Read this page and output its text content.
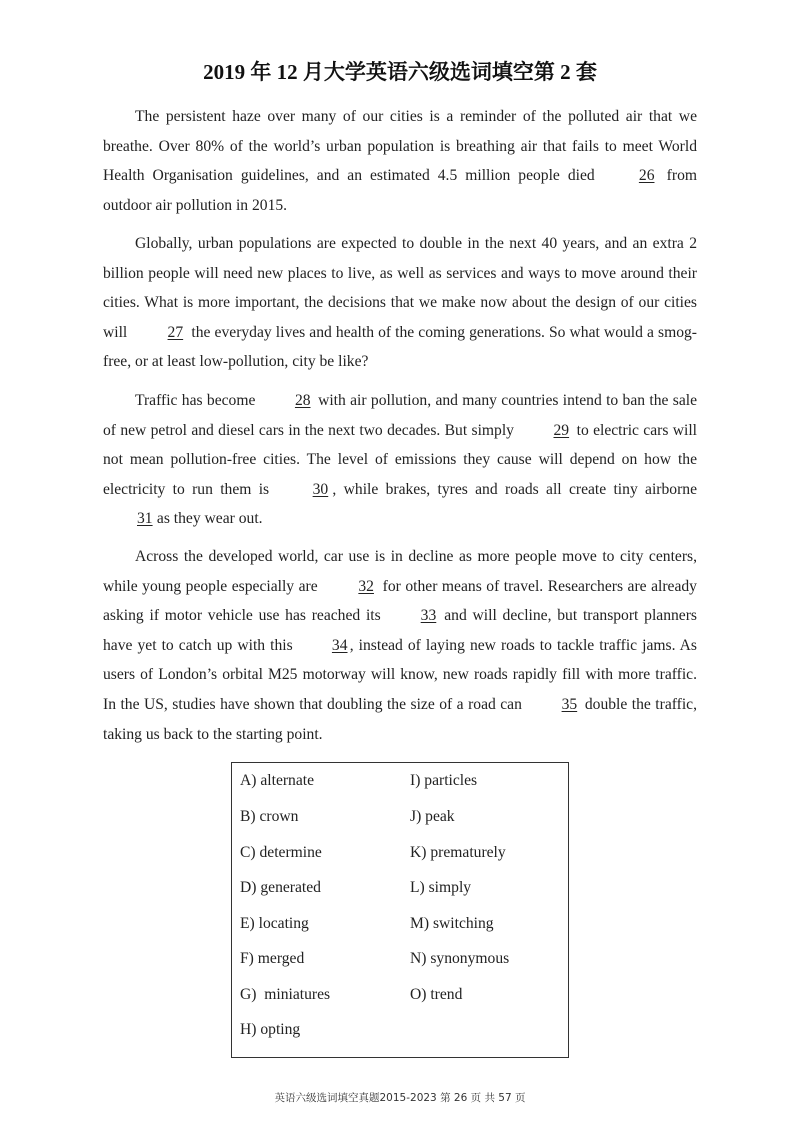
2019 年 12 月大学英语六级选词填空第 2 套

The persistent haze over many of our cities is a reminder of the polluted air that we breathe. Over 80% of the world’s urban population is breathing air that fails to meet World Health Organisation guidelines, and an estimated 4.5 million people died 26 from outdoor air pollution in 2015.

Globally, urban populations are expected to double in the next 40 years, and an extra 2 billion people will need new places to live, as well as services and ways to move around their cities. What is more important, the decisions that we make now about the design of our cities will 27 the everyday lives and health of the coming generations. So what would a smog-free, or at least low-pollution, city be like?

Traffic has become 28 with air pollution, and many countries intend to ban the sale of new petrol and diesel cars in the next two decades. But simply 29 to electric cars will not mean pollution-free cities. The level of emissions they cause will depend on how the electricity to run them is 30 , while brakes, tyres and roads all create tiny airborne 31 as they wear out.

Across the developed world, car use is in decline as more people move to city centers, while young people especially are 32 for other means of travel. Researchers are already asking if motor vehicle use has reached its 33 and will decline, but transport planners have yet to catch up with this 34 , instead of laying new roads to tackle traffic jams. As users of London’s orbital M25 motorway will know, new roads rapidly fill with more traffic. In the US, studies have shown that doubling the size of a road can 35 double the traffic, taking us back to the starting point.

A) alternate
B) crown
C) determine
D) generated
E) locating
F) merged
G)  miniatures
H) opting
I) particles
J) peak
K) prematurely
L) simply
M) switching
N) synonymous
O) trend
英语六级选词填空真题2015-2023 第 26 页 共 57 页
